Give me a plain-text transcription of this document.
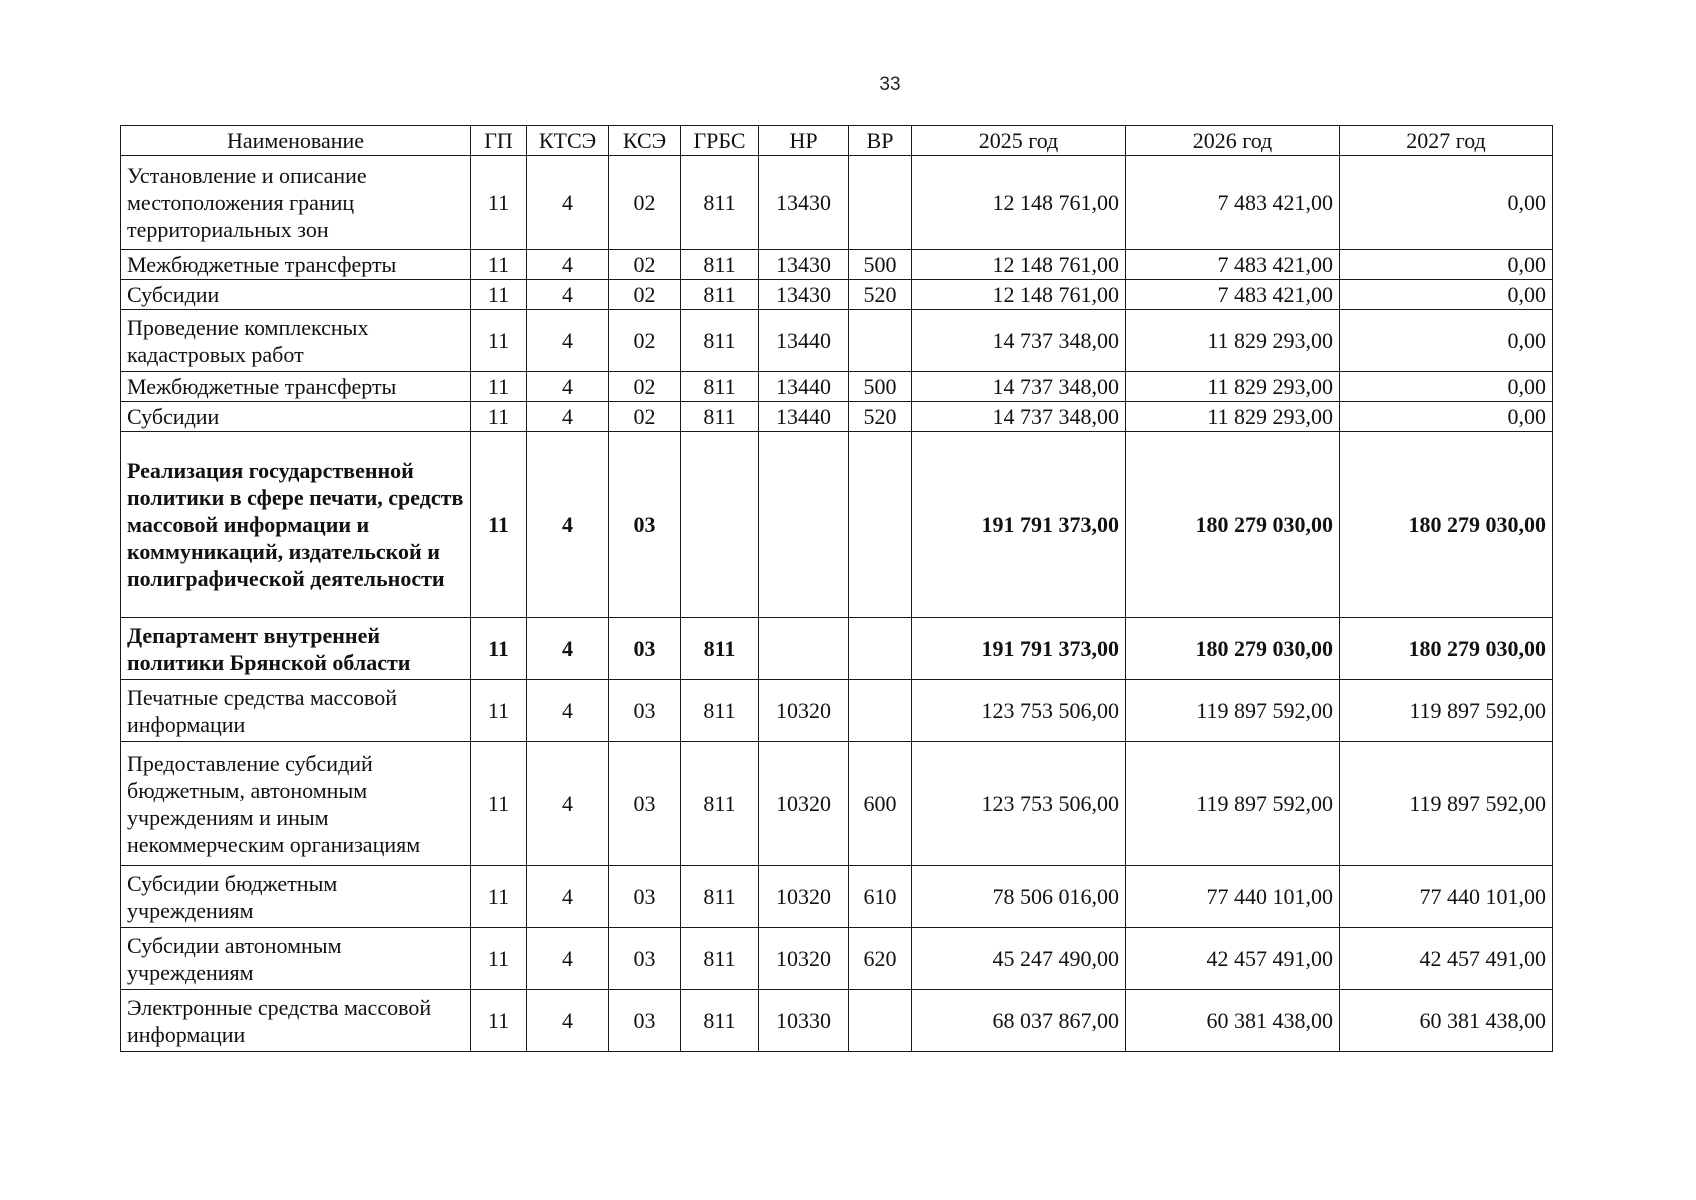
33
Наименование	ГП	КТСЭ	КСЭ	ГРБС	НР	ВР	2025 год	2026 год	2027 год
Установление и описание местоположения границ территориальных зон	11	4	02	811	13430		12 148 761,00	7 483 421,00	0,00
Межбюджетные трансферты	11	4	02	811	13430	500	12 148 761,00	7 483 421,00	0,00
Субсидии	11	4	02	811	13430	520	12 148 761,00	7 483 421,00	0,00
Проведение комплексных кадастровых работ	11	4	02	811	13440		14 737 348,00	11 829 293,00	0,00
Межбюджетные трансферты	11	4	02	811	13440	500	14 737 348,00	11 829 293,00	0,00
Субсидии	11	4	02	811	13440	520	14 737 348,00	11 829 293,00	0,00
Реализация государственной политики в сфере печати, средств массовой информации и коммуникаций, издательской и полиграфической деятельности	11	4	03				191 791 373,00	180 279 030,00	180 279 030,00
Департамент внутренней политики Брянской области	11	4	03	811			191 791 373,00	180 279 030,00	180 279 030,00
Печатные средства массовой информации	11	4	03	811	10320		123 753 506,00	119 897 592,00	119 897 592,00
Предоставление субсидий бюджетным, автономным учреждениям и иным некоммерческим организациям	11	4	03	811	10320	600	123 753 506,00	119 897 592,00	119 897 592,00
Субсидии бюджетным учреждениям	11	4	03	811	10320	610	78 506 016,00	77 440 101,00	77 440 101,00
Субсидии автономным учреждениям	11	4	03	811	10320	620	45 247 490,00	42 457 491,00	42 457 491,00
Электронные средства массовой информации	11	4	03	811	10330		68 037 867,00	60 381 438,00	60 381 438,00
